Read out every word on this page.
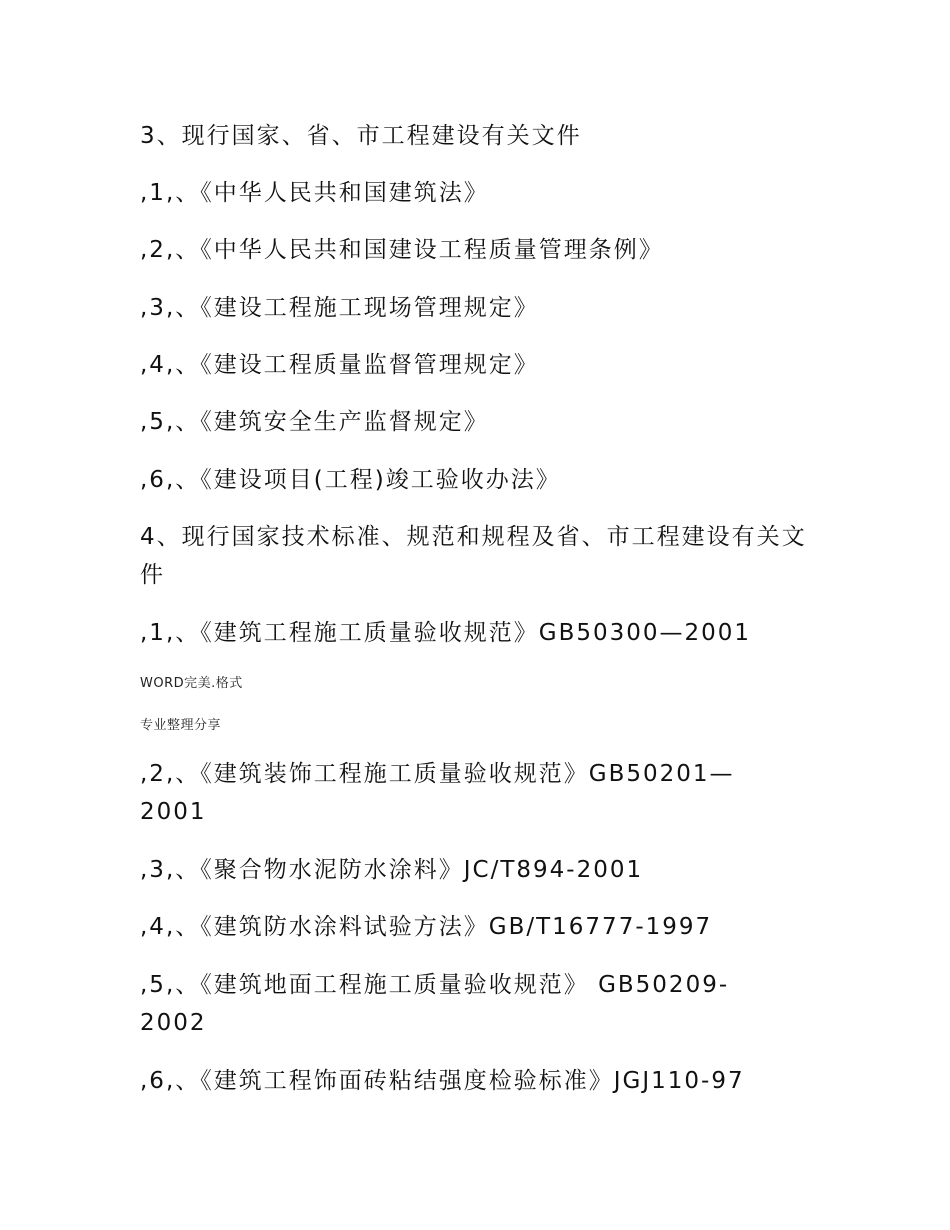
3、现行国家、省、市工程建设有关文件
,1,、《中华人民共和国建筑法》
,2,、《中华人民共和国建设工程质量管理条例》
,3,、《建设工程施工现场管理规定》
,4,、《建设工程质量监督管理规定》
,5,、《建筑安全生产监督规定》
,6,、《建设项目(工程)竣工验收办法》
4、现行国家技术标准、规范和规程及省、市工程建设有关文件
,1,、《建筑工程施工质量验收规范》GB50300—2001
WORD完美.格式
专业整理分享
,2,、《建筑装饰工程施工质量验收规范》GB50201—2001
,3,、《聚合物水泥防水涂料》JC/T894-2001
,4,、《建筑防水涂料试验方法》GB/T16777-1997
,5,、《建筑地面工程施工质量验收规范》 GB50209-2002
,6,、《建筑工程饰面砖粘结强度检验标准》JGJ110-97
